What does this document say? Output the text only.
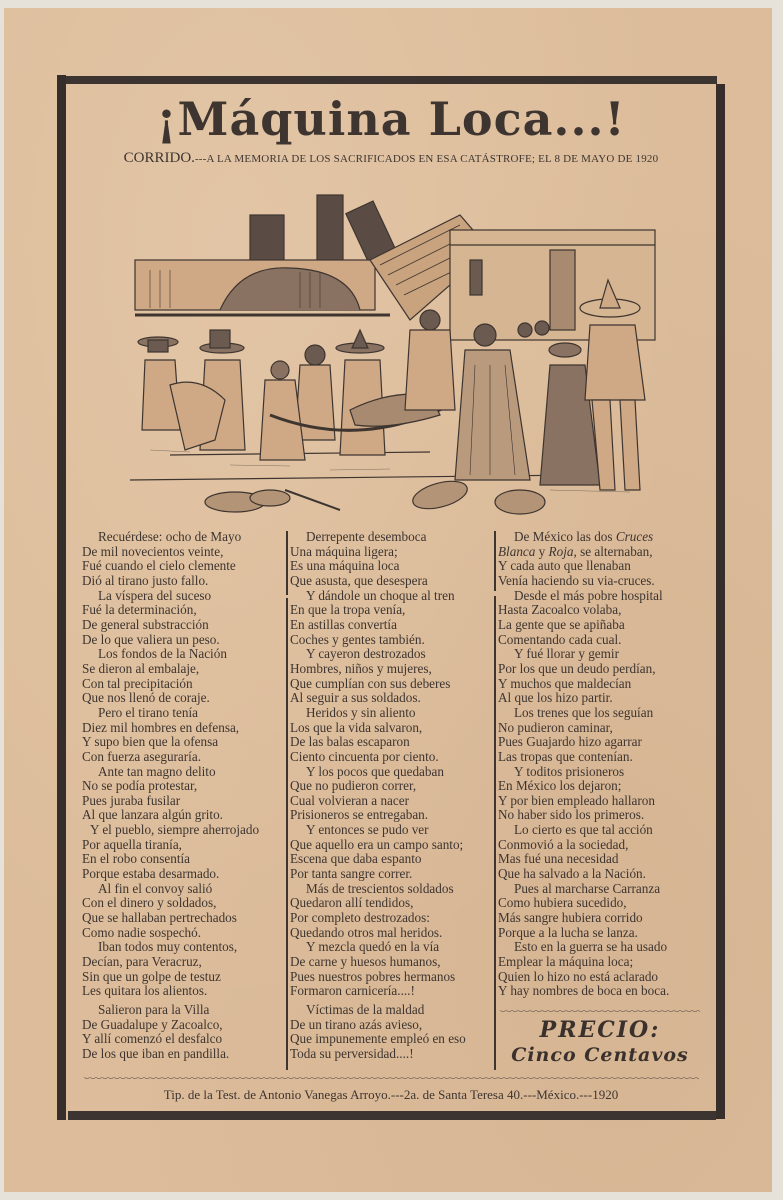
¡Máquina Loca...!
CORRIDO.---A LA MEMORIA DE LOS SACRIFICADOS EN ESA CATÁSTROFE; EL 8 DE MAYO DE 1920
Recuérdese: ocho de Mayo
De mil novecientos veinte,
Fué cuando el cielo clemente
Dió al tirano justo fallo.
La víspera del suceso
Fué la determinación,
De general substracción
De lo que valiera un peso.
Los fondos de la Nación
Se dieron al embalaje,
Con tal precipitación
Que nos llenó de coraje.
Pero el tirano tenía
Diez mil hombres en defensa,
Y supo bien que la ofensa
Con fuerza aseguraría.
Ante tan magno delito
No se podía protestar,
Pues juraba fusilar
Al que lanzara algún grito.
Y el pueblo, siempre aherrojado
Por aquella tiranía,
En el robo consentía
Porque estaba desarmado.
Al fin el convoy salió
Con el dinero y soldados,
Que se hallaban pertrechados
Como nadie sospechó.
Iban todos muy contentos,
Decían, para Veracruz,
Sin que un golpe de testuz
Les quitara los alientos.
Salieron para la Villa
De Guadalupe y Zacoalco,
Y allí comenzó el desfalco
De los que iban en pandilla.
Derrepente desemboca
Una máquina ligera;
Es una máquina loca
Que asusta, que desespera
Y dándole un choque al tren
En que la tropa venía,
En astillas convertía
Coches y gentes también.
Y cayeron destrozados
Hombres, niños y mujeres,
Que cumplían con sus deberes
Al seguir a sus soldados.
Heridos y sin aliento
Los que la vida salvaron,
De las balas escaparon
Ciento cincuenta por ciento.
Y los pocos que quedaban
Que no pudieron correr,
Cual volvieran a nacer
Prisioneros se entregaban.
Y entonces se pudo ver
Que aquello era un campo santo;
Escena que daba espanto
Por tanta sangre correr.
Más de trescientos soldados
Quedaron allí tendidos,
Por completo destrozados:
Quedando otros mal heridos.
Y mezcla quedó en la vía
De carne y huesos humanos,
Pues nuestros pobres hermanos
Formaron carnicería....!
Víctimas de la maldad
De un tirano azás avieso,
Que impunemente empleó en eso
Toda su perversidad....!
De México las dos Cruces
Blanca y Roja, se alternaban,
Y cada auto que llenaban
Venía haciendo su via-cruces.
Desde el más pobre hospital
Hasta Zacoalco volaba,
La gente que se apiñaba
Comentando cada cual.
Y fué llorar y gemir
Por los que un deudo perdían,
Y muchos que maldecían
Al que los hizo partir.
Los trenes que los seguían
No pudieron caminar,
Pues Guajardo hizo agarrar
Las tropas que contenían.
Y toditos prisioneros
En México los dejaron;
Y por bien empleado hallaron
No haber sido los primeros.
Lo cierto es que tal acción
Conmovió a la sociedad,
Mas fué una necesidad
Que ha salvado a la Nación.
Pues al marcharse Carranza
Como hubiera sucedido,
Más sangre hubiera corrido
Porque a la lucha se lanza.
Esto en la guerra se ha usado
Emplear la máquina loca;
Quien lo hizo no está aclarado
Y hay nombres de boca en boca.
PRECIO:
Cinco Centavos
Tip. de la Test. de Antonio Vanegas Arroyo.---2a. de Santa Teresa 40.---México.---1920
